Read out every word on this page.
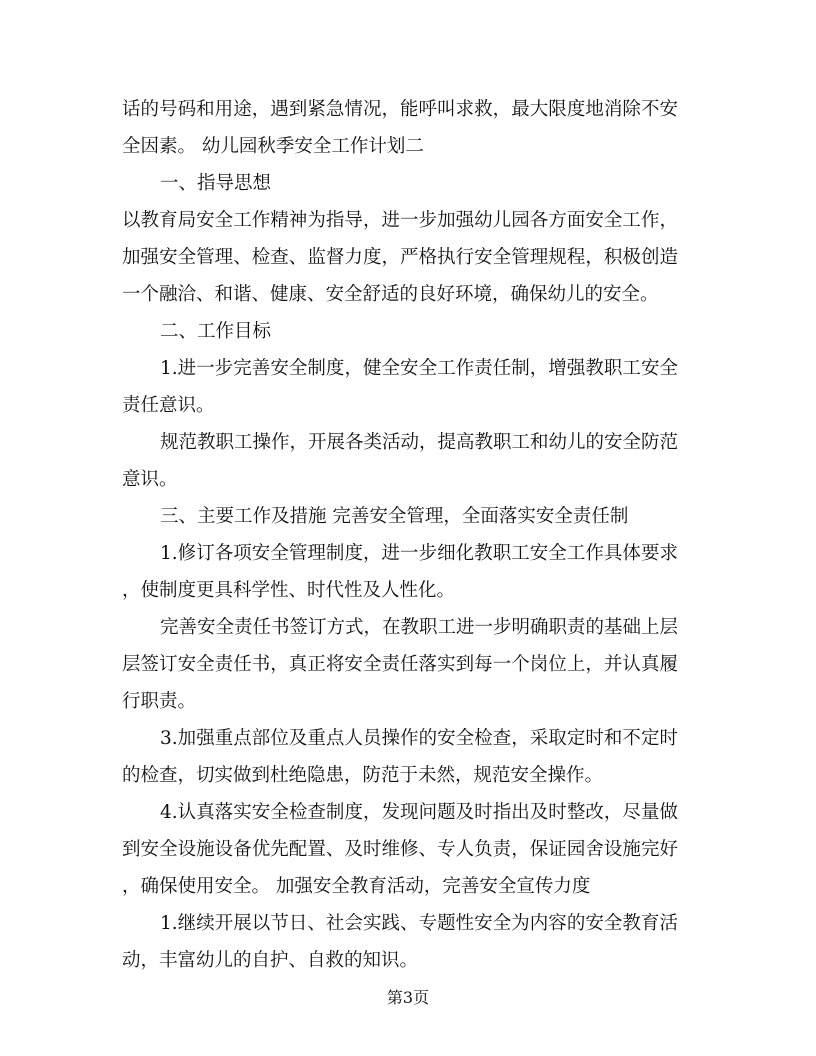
话的号码和用途，遇到紧急情况，能呼叫求救，最大限度地消除不安
全因素。 幼儿园秋季安全工作计划二
一、指导思想
以教育局安全工作精神为指导，进一步加强幼儿园各方面安全工作，
加强安全管理、检查、监督力度，严格执行安全管理规程，积极创造
一个融洽、和谐、健康、安全舒适的良好环境，确保幼儿的安全。
二、工作目标
1.进一步完善安全制度，健全安全工作责任制，增强教职工安全
责任意识。
规范教职工操作，开展各类活动，提高教职工和幼儿的安全防范
意识。
三、主要工作及措施 完善安全管理，全面落实安全责任制
1.修订各项安全管理制度，进一步细化教职工安全工作具体要求
，使制度更具科学性、时代性及人性化。
完善安全责任书签订方式，在教职工进一步明确职责的基础上层
层签订安全责任书，真正将安全责任落实到每一个岗位上，并认真履
行职责。
3.加强重点部位及重点人员操作的安全检查，采取定时和不定时
的检查，切实做到杜绝隐患，防范于未然，规范安全操作。
4.认真落实安全检查制度，发现问题及时指出及时整改，尽量做
到安全设施设备优先配置、及时维修、专人负责，保证园舍设施完好
，确保使用安全。 加强安全教育活动，完善安全宣传力度
1.继续开展以节日、社会实践、专题性安全为内容的安全教育活
动，丰富幼儿的自护、自救的知识。
第3页
